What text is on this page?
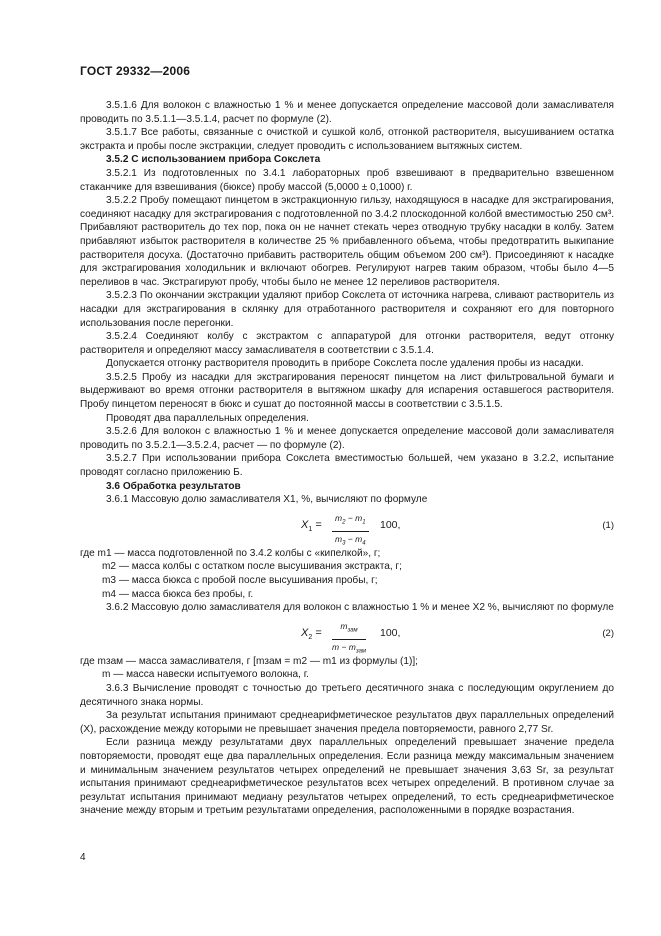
ГОСТ 29332—2006

3.5.1.6 Для волокон с влажностью 1 % и менее допускается определение массовой доли замасливателя проводить по 3.5.1.1—3.5.1.4, расчет по формуле (2).

3.5.1.7 Все работы, связанные с очисткой и сушкой колб, отгонкой растворителя, высушиванием остатка экстракта и пробы после экстракции, следует проводить с использованием вытяжных систем.

3.5.2 С использованием прибора Сокслета

3.5.2.1 Из подготовленных по 3.4.1 лабораторных проб взвешивают в предварительно взвешенном стаканчике для взвешивания (бюксе) пробу массой (5,0000 ± 0,1000) г.

3.5.2.2 Пробу помещают пинцетом в экстракционную гильзу, находящуюся в насадке для экстрагирования, соединяют насадку для экстрагирования с подготовленной по 3.4.2 плоскодонной колбой вместимостью 250 см³. Прибавляют растворитель до тех пор, пока он не начнет стекать через отводную трубку насадки в колбу. Затем прибавляют избыток растворителя в количестве 25 % прибавленного объема, чтобы предотвратить выкипание растворителя досуха. (Достаточно прибавить растворитель общим объемом 200 см³). Присоединяют к насадке для экстрагирования холодильник и включают обогрев. Регулируют нагрев таким образом, чтобы было 4—5 переливов в час. Экстрагируют пробу, чтобы было не менее 12 переливов растворителя.

3.5.2.3 По окончании экстракции удаляют прибор Сокслета от источника нагрева, сливают растворитель из насадки для экстрагирования в склянку для отработанного растворителя и сохраняют его для повторного использования после перегонки.

3.5.2.4 Соединяют колбу с экстрактом с аппаратурой для отгонки растворителя, ведут отгонку растворителя и определяют массу замасливателя в соответствии с 3.5.1.4.

Допускается отгонку растворителя проводить в приборе Сокслета после удаления пробы из насадки.

3.5.2.5 Пробу из насадки для экстрагирования переносят пинцетом на лист фильтровальной бумаги и выдерживают во время отгонки растворителя в вытяжном шкафу для испарения оставшегося растворителя. Пробу пинцетом переносят в бюкс и сушат до постоянной массы в соответствии с 3.5.1.5.

Проводят два параллельных определения.

3.5.2.6 Для волокон с влажностью 1 % и менее допускается определение массовой доли замасливателя проводить по 3.5.2.1—3.5.2.4, расчет — по формуле (2).

3.5.2.7 При использовании прибора Сокслета вместимостью большей, чем указано в 3.2.2, испытание проводят согласно приложению Б.

3.6 Обработка результатов

3.6.1 Массовую долю замасливателя X1, %, вычисляют по формуле

$X_1 = \frac{m_2 - m_1}{m_3 - m_4} 100$,	(1)

где m1 — масса подготовленной по 3.4.2 колбы с «кипелкой», г;

m2 — масса колбы с остатком после высушивания экстракта, г;

m3 — масса бюкса с пробой после высушивания пробы, г;

m4 — масса бюкса без пробы, г.

3.6.2 Массовую долю замасливателя для волокон с влажностью 1 % и менее X2 %, вычисляют по формуле

$X_2$ =
$m_{зам}$
$m - m_{зам}$
100,	(2)

где mзам — масса замасливателя, г [mзам = m2 — m1 из формулы (1)];

m — масса навески испытуемого волокна, г.

3.6.3 Вычисление проводят с точностью до третьего десятичного знака с последующим округлением до десятичного знака нормы.

За результат испытания принимают среднеарифметическое результатов двух параллельных определений (X), расхождение между которыми не превышает значения предела повторяемости, равного 2,77 Sr.

Если разница между результатами двух параллельных определений превышает значение предела повторяемости, проводят еще два параллельных определения. Если разница между максимальным значением и минимальным значением результатов четырех определений не превышает значения 3,63 Sr, за результат испытания принимают среднеарифметическое результатов всех четырех определений. В противном случае за результат испытания принимают медиану результатов четырех определений, то есть среднеарифметическое значение между вторым и третьим результатами определения, расположенными в порядке возрастания.

4
